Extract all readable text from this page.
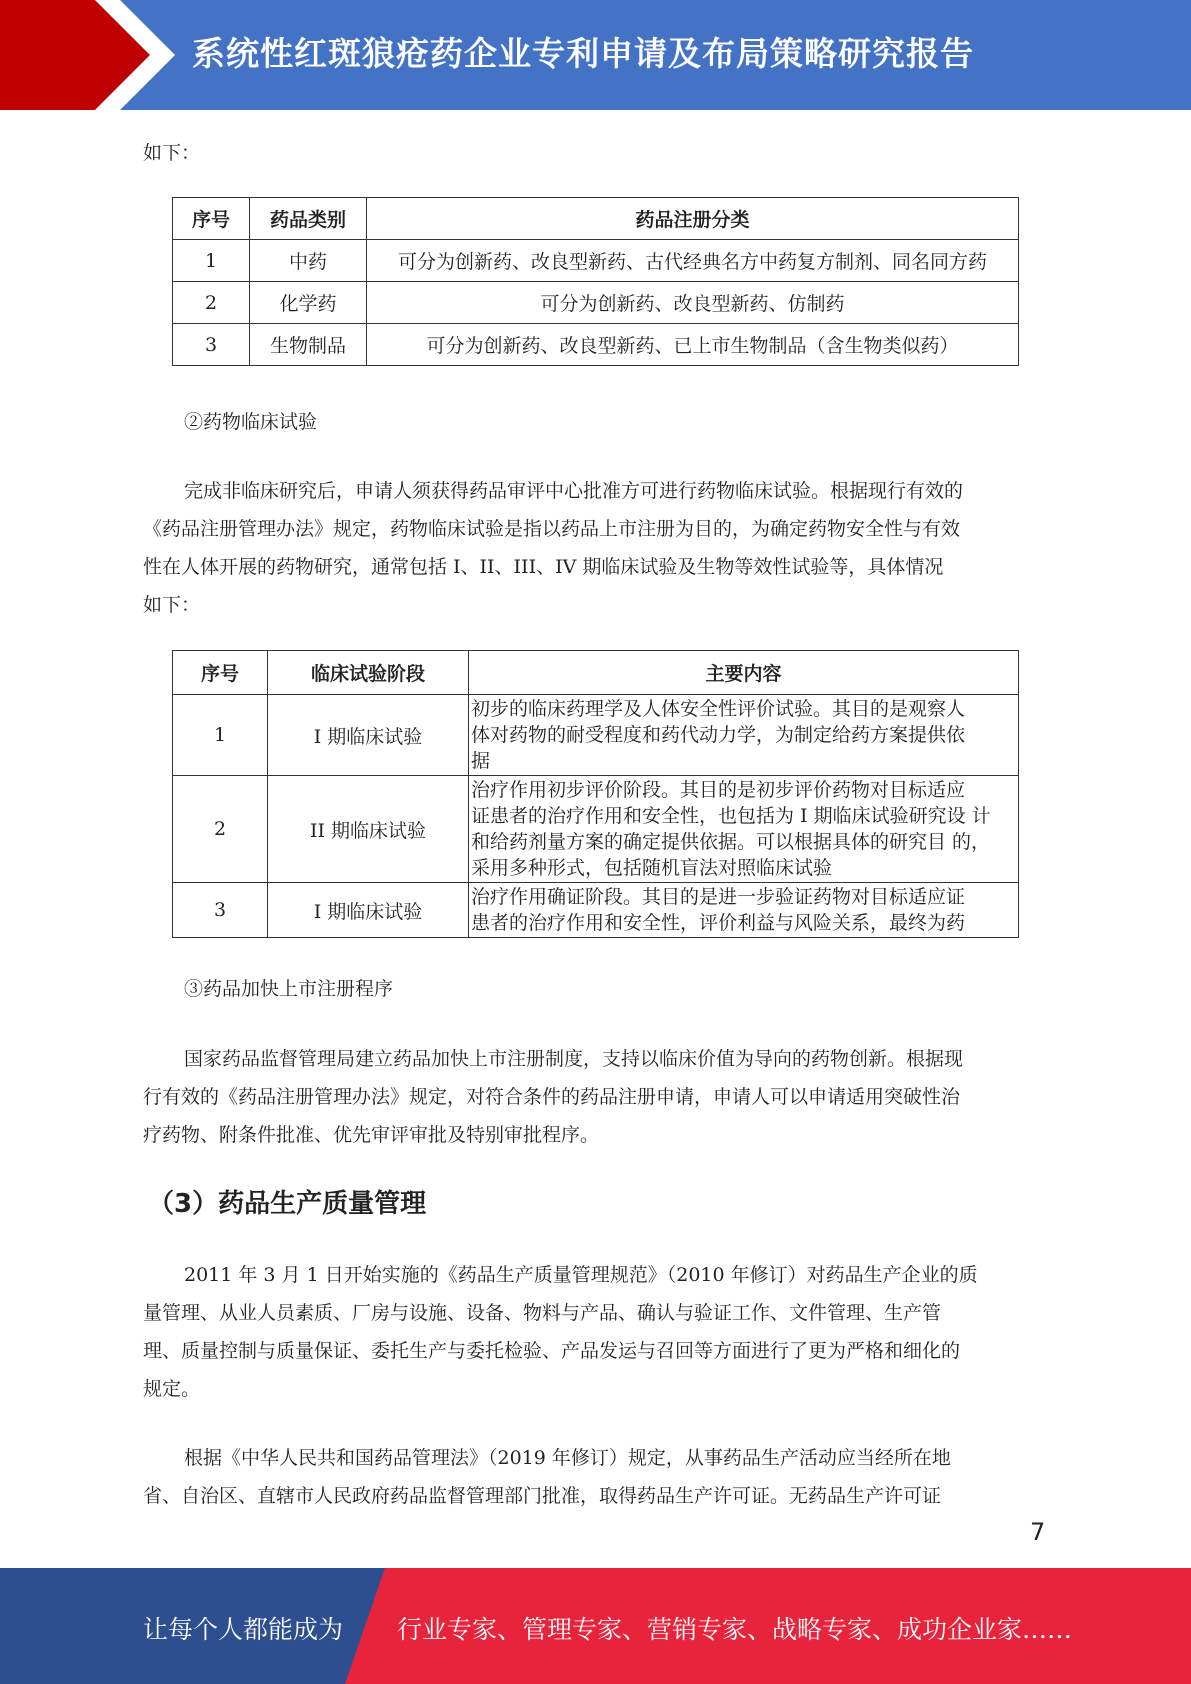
系统性红斑狼疮药企业专利申请及布局策略研究报告
如下：
序号	药品类别	药品注册分类
1	中药	可分为创新药、改良型新药、古代经典名方中药复方制剂、同名同方药
2	化学药	可分为创新药、改良型新药、仿制药
3	生物制品	可分为创新药、改良型新药、已上市生物制品（含生物类似药）
②药物临床试验
完成非临床研究后，申请人须获得药品审评中心批准方可进行药物临床试验。根据现行有效的
《药品注册管理办法》规定，药物临床试验是指以药品上市注册为目的，为确定药物安全性与有效
性在人体开展的药物研究，通常包括 I、II、III、IV 期临床试验及生物等效性试验等，具体情况
如下：
序号	临床试验阶段	主要内容
1	I 期临床试验	初步的临床药理学及人体安全性评价试验。其目的是观察人
体对药物的耐受程度和药代动力学，为制定给药方案提供依
据

2	II 期临床试验	治疗作用初步评价阶段。其目的是初步评价药物对目标适应
证患者的治疗作用和安全性，也包括为 I 期临床试验研究设 计
和给药剂量方案的确定提供依据。可以根据具体的研究目 的，
采用多种形式，包括随机盲法对照临床试验

3	I 期临床试验	治疗作用确证阶段。其目的是进一步验证药物对目标适应证
患者的治疗作用和安全性，评价利益与风险关系，最终为药
③药品加快上市注册程序
国家药品监督管理局建立药品加快上市注册制度，支持以临床价值为导向的药物创新。根据现
行有效的《药品注册管理办法》规定，对符合条件的药品注册申请，申请人可以申请适用突破性治
疗药物、附条件批准、优先审评审批及特别审批程序。
（3）药品生产质量管理
2011 年 3 月 1 日开始实施的《药品生产质量管理规范》（2010 年修订）对药品生产企业的质
量管理、从业人员素质、厂房与设施、设备、物料与产品、确认与验证工作、文件管理、生产管
理、质量控制与质量保证、委托生产与委托检验、产品发运与召回等方面进行了更为严格和细化的
规定。
根据《中华人民共和国药品管理法》（2019 年修订）规定，从事药品生产活动应当经所在地
省、自治区、直辖市人民政府药品监督管理部门批准，取得药品生产许可证。无药品生产许可证
7
让每个人都能成为 行业专家、管理专家、营销专家、战略专家、成功企业家……
